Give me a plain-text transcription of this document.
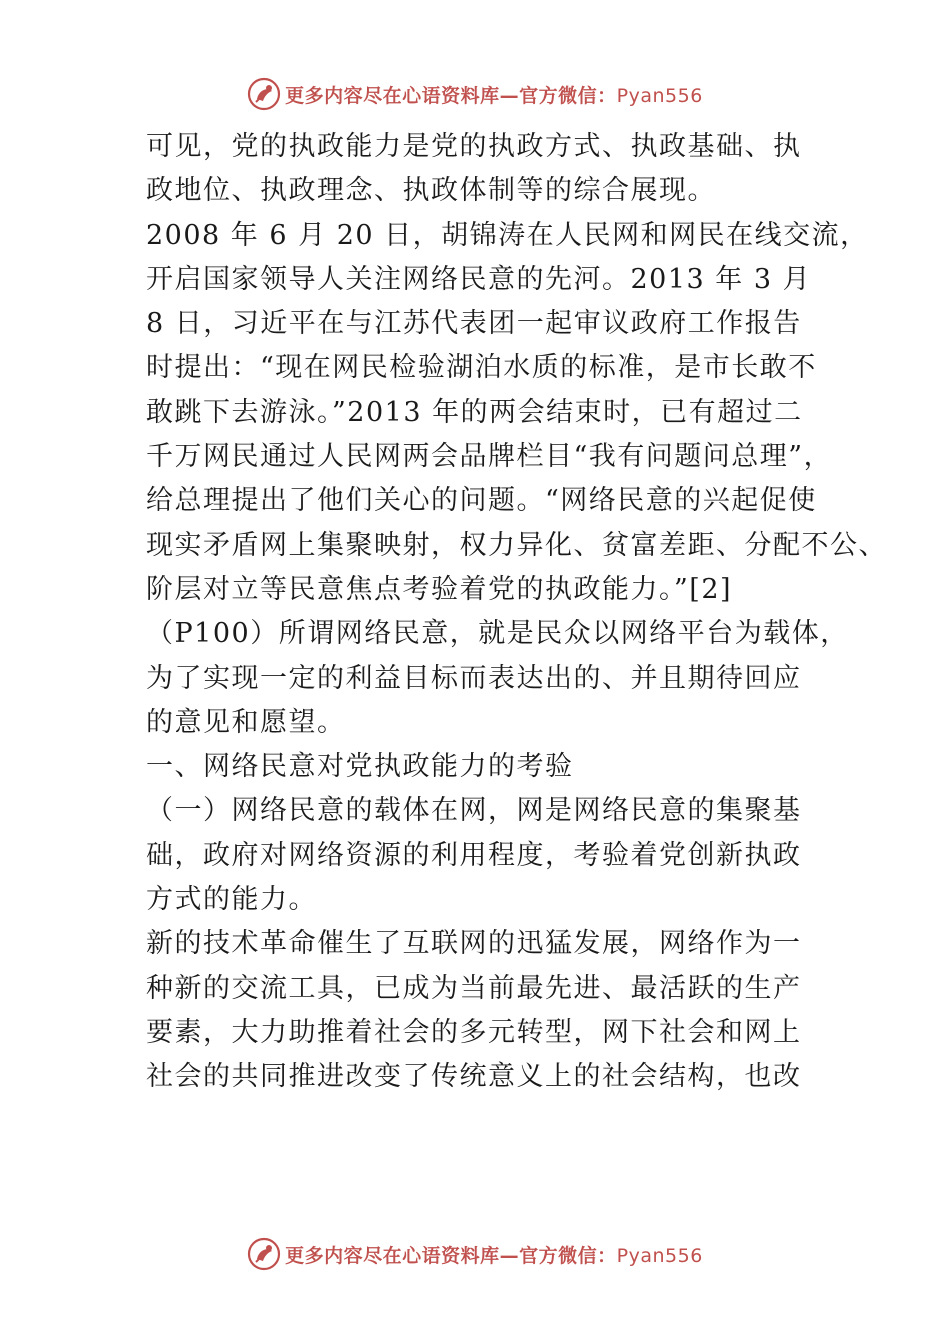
更多内容尽在心语资料库—官方微信：Pyan556
可见，党的执政能力是党的执政方式、执政基础、执
政地位、执政理念、执政体制等的综合展现。
2008 年 6 月 20 日，胡锦涛在人民网和网民在线交流，
开启国家领导人关注网络民意的先河。2013 年 3 月
8 日，习近平在与江苏代表团一起审议政府工作报告
时提出：“现在网民检验湖泊水质的标准，是市长敢不
敢跳下去游泳。”2013 年的两会结束时，已有超过二
千万网民通过人民网两会品牌栏目“我有问题问总理”，
给总理提出了他们关心的问题。“网络民意的兴起促使
现实矛盾网上集聚映射，权力异化、贫富差距、分配不公、
阶层对立等民意焦点考验着党的执政能力。”[2]
（P100）所谓网络民意，就是民众以网络平台为载体，
为了实现一定的利益目标而表达出的、并且期待回应
的意见和愿望。
一、网络民意对党执政能力的考验
（一）网络民意的载体在网，网是网络民意的集聚基
础，政府对网络资源的利用程度，考验着党创新执政
方式的能力。
新的技术革命催生了互联网的迅猛发展，网络作为一
种新的交流工具，已成为当前最先进、最活跃的生产
要素，大力助推着社会的多元转型，网下社会和网上
社会的共同推进改变了传统意义上的社会结构，也改
更多内容尽在心语资料库—官方微信：Pyan556
